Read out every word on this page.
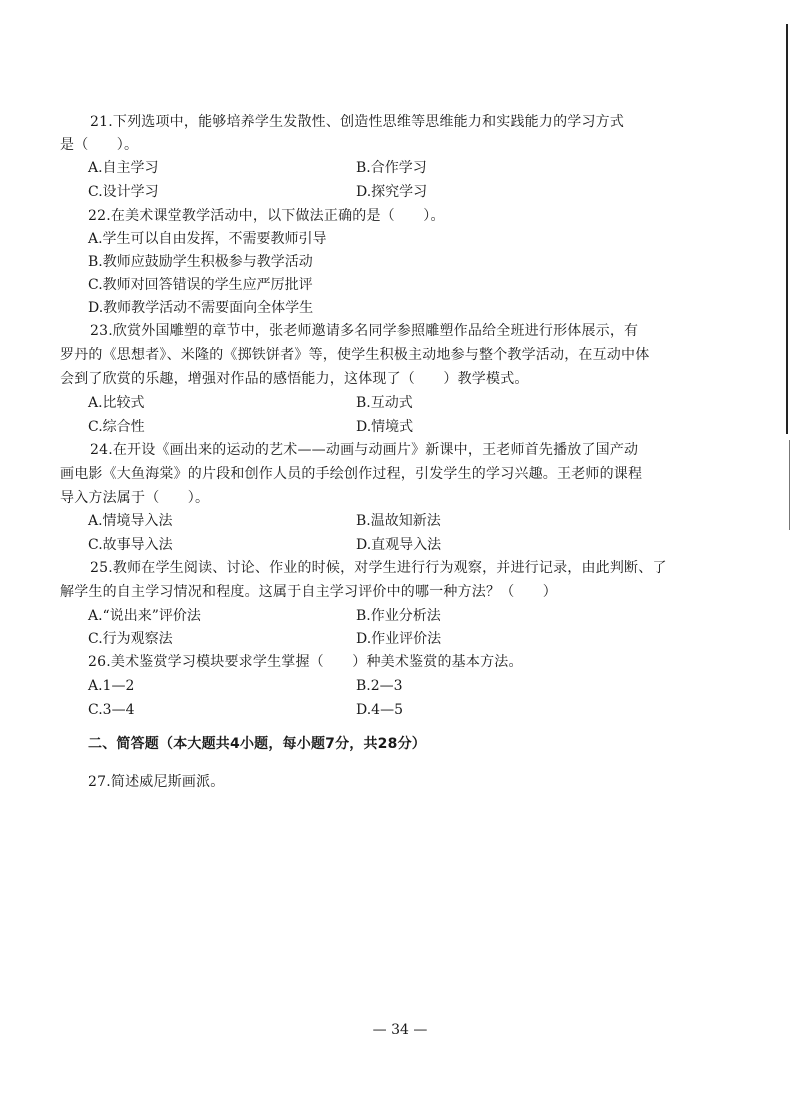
21.下列选项中，能够培养学生发散性、创造性思维等思维能力和实践能力的学习方式
是（　　）。
A.自主学习	B.合作学习
C.设计学习	D.探究学习
22.在美术课堂教学活动中，以下做法正确的是（　　）。
A.学生可以自由发挥，不需要教师引导
B.教师应鼓励学生积极参与教学活动
C.教师对回答错误的学生应严厉批评
D.教师教学活动不需要面向全体学生
23.欣赏外国雕塑的章节中，张老师邀请多名同学参照雕塑作品给全班进行形体展示，有
罗丹的《思想者》、米隆的《掷铁饼者》等，使学生积极主动地参与整个教学活动，在互动中体
会到了欣赏的乐趣，增强对作品的感悟能力，这体现了（　　）教学模式。
A.比较式	B.互动式
C.综合性	D.情境式
24.在开设《画出来的运动的艺术——动画与动画片》新课中，王老师首先播放了国产动
画电影《大鱼海棠》的片段和创作人员的手绘创作过程，引发学生的学习兴趣。王老师的课程
导入方法属于（　　）。
A.情境导入法	B.温故知新法
C.故事导入法	D.直观导入法
25.教师在学生阅读、讨论、作业的时候，对学生进行行为观察，并进行记录，由此判断、了
解学生的自主学习情况和程度。这属于自主学习评价中的哪一种方法？（　　）
A.“说出来”评价法	B.作业分析法
C.行为观察法	D.作业评价法
26.美术鉴赏学习模块要求学生掌握（　　）种美术鉴赏的基本方法。
A.1—2	B.2—3
C.3—4	D.4—5
二、简答题（本大题共4小题，每小题7分，共28分）
27.简述威尼斯画派。
— 34 —
